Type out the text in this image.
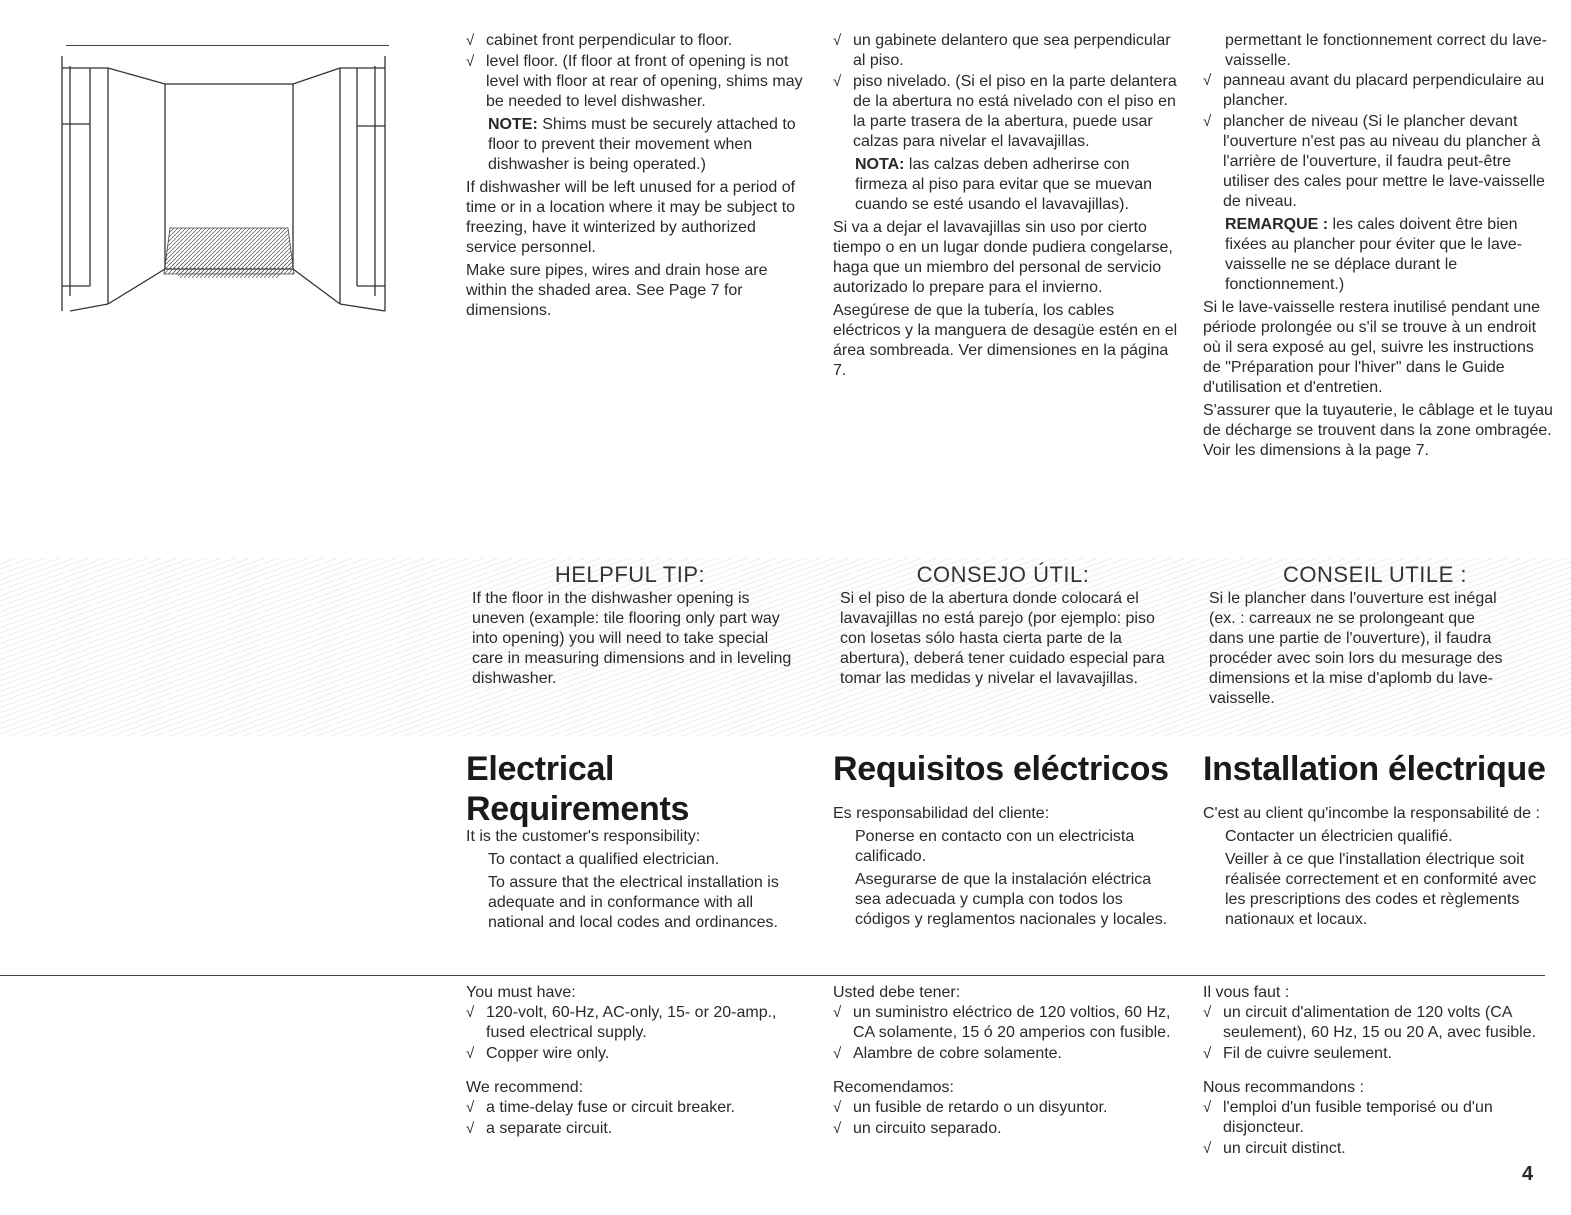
√ cabinet front perpendicular to floor.

√ level floor. (If floor at front of opening is not level with floor at rear of opening, shims may be needed to level dishwasher.

NOTE: Shims must be securely attached to floor to prevent their movement when dishwasher is being operated.)

If dishwasher will be left unused for a period of time or in a location where it may be subject to freezing, have it winterized by authorized service personnel.

Make sure pipes, wires and drain hose are within the shaded area. See Page 7 for dimensions.

√ un gabinete delantero que sea perpendicular al piso.

√ piso nivelado. (Si el piso en la parte delantera de la abertura no está nivelado con el piso en la parte trasera de la abertura, puede usar calzas para nivelar el lavavajillas.

NOTA: las calzas deben adherirse con firmeza al piso para evitar que se muevan cuando se esté usando el lavavajillas).

Si va a dejar el lavavajillas sin uso por cierto tiempo o en un lugar donde pudiera congelarse, haga que un miembro del personal de servicio autorizado lo prepare para el invierno.

Asegúrese de que la tubería, los cables eléctricos y la manguera de desagüe estén en el área sombreada. Ver dimensiones en la página 7.

permettant le fonctionnement correct du lave-vaisselle.

√ panneau avant du placard perpendiculaire au plancher.

√ plancher de niveau (Si le plancher devant l'ouverture n'est pas au niveau du plancher à l'arrière de l'ouverture, il faudra peut-être utiliser des cales pour mettre le lave-vaisselle de niveau.

REMARQUE : les cales doivent être bien fixées au plancher pour éviter que le lave-vaisselle ne se déplace durant le fonctionnement.)

Si le lave-vaisselle restera inutilisé pendant une période prolongée ou s'il se trouve à un endroit où il sera exposé au gel, suivre les instructions de "Préparation pour l'hiver" dans le Guide d'utilisation et d'entretien.

S'assurer que la tuyauterie, le câblage et le tuyau de décharge se trouvent dans la zone ombragée. Voir les dimensions à la page 7.

HELPFUL TIP:	CONSEJO ÚTIL:	CONSEIL UTILE :
If the floor in the dishwasher opening is uneven (example: tile flooring only part way into opening) you will need to take special care in measuring dimensions and in leveling dishwasher.
Si el piso de la abertura donde colocará el lavavajillas no está parejo (por ejemplo: piso con losetas sólo hasta cierta parte de la abertura), deberá tener cuidado especial para tomar las medidas y nivelar el lavavajillas.
Si le plancher dans l'ouverture est inégal (ex. : carreaux ne se prolongeant que dans une partie de l'ouverture), il faudra procéder avec soin lors du mesurage des dimensions et la mise d'aplomb du lave-vaisselle.
Electrical
Requirements
Requisitos eléctricos Installation électrique

It is the customer's responsibility:

To contact a qualified electrician.

To assure that the electrical installation is adequate and in conformance with all national and local codes and ordinances.

Es responsabilidad del cliente:

Ponerse en contacto con un electricista calificado.

Asegurarse de que la instalación eléctrica sea adecuada y cumpla con todos los códigos y reglamentos nacionales y locales.

C'est au client qu'incombe la responsabilité de :

Contacter un électricien qualifié.

Veiller à ce que l'installation électrique soit réalisée correctement et en conformité avec les prescriptions des codes et règlements nationaux et locaux.

You must have:

√ 120-volt, 60-Hz, AC-only, 15- or 20-amp., fused electrical supply.

√ Copper wire only.

We recommend:

√ a time-delay fuse or circuit breaker.

√ a separate circuit.

Usted debe tener:

√ un suministro eléctrico de 120 voltios, 60 Hz, CA solamente, 15 ó 20 amperios con fusible.

√ Alambre de cobre solamente.

Recomendamos:

√ un fusible de retardo o un disyuntor.

√ un circuito separado.

Il vous faut :

√ un circuit d'alimentation de 120 volts (CA seulement), 60 Hz, 15 ou 20 A, avec fusible.

√ Fil de cuivre seulement.

Nous recommandons :

√ l'emploi d'un fusible temporisé ou d'un disjoncteur.

√ un circuit distinct.

4
